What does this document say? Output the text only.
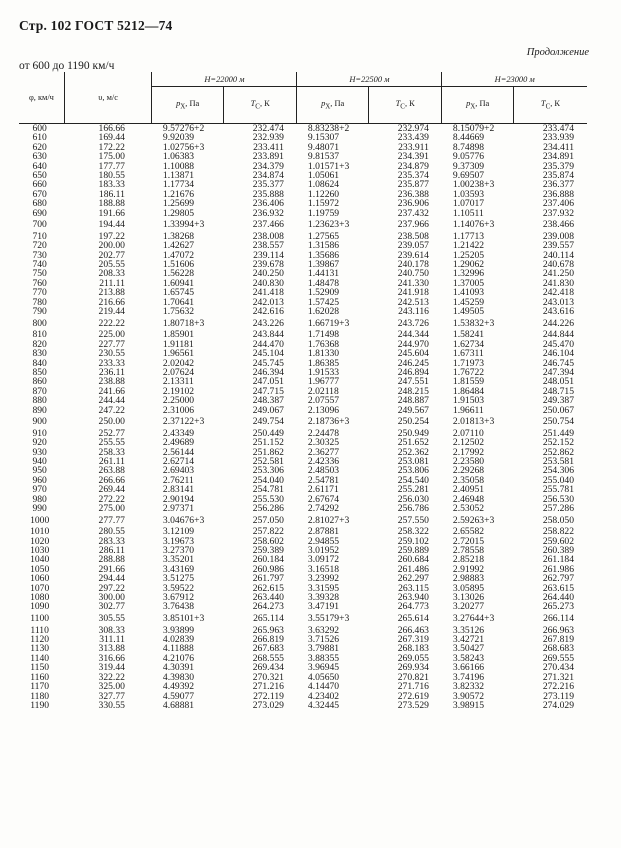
Стр. 102 ГОСТ 5212—74
Продолжение
от 600 до 1190 км/ч
φ, км/ч	υ, м/с	H=22000 м		H=22500 м		H=23000 м	
		$p_X$, Па	$T_C$, К	$p_X$, Па	$T_C$, К	$p_X$, Па	$T_C$, К
600	166.66	9.57276+2	232.474	8.83238+2	232.974	8.15079+2	233.474
610	169.44	9.92039	232.939	9.15307	233.439	8.44669	233.939
620	172.22	1.02756+3	233.411	9.48071	233.911	8.74898	234.411
630	175.00	1.06383	233.891	9.81537	234.391	9.05776	234.891
640	177.77	1.10088	234.379	1.01571+3	234.879	9.37309	235.379
650	180.55	1.13871	234.874	1.05061	235.374	9.69507	235.874
660	183.33	1.17734	235.377	1.08624	235.877	1.00238+3	236.377
670	186.11	1.21676	235.888	1.12260	236.388	1.03593	236.888
680	188.88	1.25699	236.406	1.15972	236.906	1.07017	237.406
690	191.66	1.29805	236.932	1.19759	237.432	1.10511	237.932
700	194.44	1.33994+3	237.466	1.23623+3	237.966	1.14076+3	238.466
710	197.22	1.38268	238.008	1.27565	238.508	1.17713	239.008
720	200.00	1.42627	238.557	1.31586	239.057	1.21422	239.557
730	202.77	1.47072	239.114	1.35686	239.614	1.25205	240.114
740	205.55	1.51606	239.678	1.39867	240.178	1.29062	240.678
750	208.33	1.56228	240.250	1.44131	240.750	1.32996	241.250
760	211.11	1.60941	240.830	1.48478	241.330	1.37005	241.830
770	213.88	1.65745	241.418	1.52909	241.918	1.41093	242.418
780	216.66	1.70641	242.013	1.57425	242.513	1.45259	243.013
790	219.44	1.75632	242.616	1.62028	243.116	1.49505	243.616
800	222.22	1.80718+3	243.226	1.66719+3	243.726	1.53832+3	244.226
810	225.00	1.85901	243.844	1.71498	244.344	1.58241	244.844
820	227.77	1.91181	244.470	1.76368	244.970	1.62734	245.470
830	230.55	1.96561	245.104	1.81330	245.604	1.67311	246.104
840	233.33	2.02042	245.745	1.86385	246.245	1.71973	246.745
850	236.11	2.07624	246.394	1.91533	246.894	1.76722	247.394
860	238.88	2.13311	247.051	1.96777	247.551	1.81559	248.051
870	241.66	2.19102	247.715	2.02118	248.215	1.86484	248.715
880	244.44	2.25000	248.387	2.07557	248.887	1.91503	249.387
890	247.22	2.31006	249.067	2.13096	249.567	1.96611	250.067
900	250.00	2.37122+3	249.754	2.18736+3	250.254	2.01813+3	250.754
910	252.77	2.43349	250.449	2.24478	250.949	2.07110	251.449
920	255.55	2.49689	251.152	2.30325	251.652	2.12502	252.152
930	258.33	2.56144	251.862	2.36277	252.362	2.17992	252.862
940	261.11	2.62714	252.581	2.42336	253.081	2.23580	253.581
950	263.88	2.69403	253.306	2.48503	253.806	2.29268	254.306
960	266.66	2.76211	254.040	2.54781	254.540	2.35058	255.040
970	269.44	2.83141	254.781	2.61171	255.281	2.40951	255.781
980	272.22	2.90194	255.530	2.67674	256.030	2.46948	256.530
990	275.00	2.97371	256.286	2.74292	256.786	2.53052	257.286
1000	277.77	3.04676+3	257.050	2.81027+3	257.550	2.59263+3	258.050
1010	280.55	3.12109	257.822	2.87881	258.322	2.65582	258.822
1020	283.33	3.19673	258.602	2.94855	259.102	2.72015	259.602
1030	286.11	3.27370	259.389	3.01952	259.889	2.78558	260.389
1040	288.88	3.35201	260.184	3.09172	260.684	2.85218	261.184
1050	291.66	3.43169	260.986	3.16518	261.486	2.91992	261.986
1060	294.44	3.51275	261.797	3.23992	262.297	2.98883	262.797
1070	297.22	3.59522	262.615	3.31595	263.115	3.05895	263.615
1080	300.00	3.67912	263.440	3.39328	263.940	3.13026	264.440
1090	302.77	3.76438	264.273	3.47191	264.773	3.20277	265.273
1100	305.55	3.85101+3	265.114	3.55179+3	265.614	3.27644+3	266.114
1110	308.33	3.93899	265.963	3.63292	266.463	3.35126	266.963
1120	311.11	4.02839	266.819	3.71526	267.319	3.42721	267.819
1130	313.88	4.11888	267.683	3.79881	268.183	3.50427	268.683
1140	316.66	4.21076	268.555	3.88355	269.055	3.58243	269.555
1150	319.44	4.30391	269.434	3.96945	269.934	3.66166	270.434
1160	322.22	4.39830	270.321	4.05650	270.821	3.74196	271.321
1170	325.00	4.49392	271.216	4.14470	271.716	3.82332	272.216
1180	327.77	4.59077	272.119	4.23402	272.619	3.90572	273.119
1190	330.55	4.68881	273.029	4.32445	273.529	3.98915	274.029
